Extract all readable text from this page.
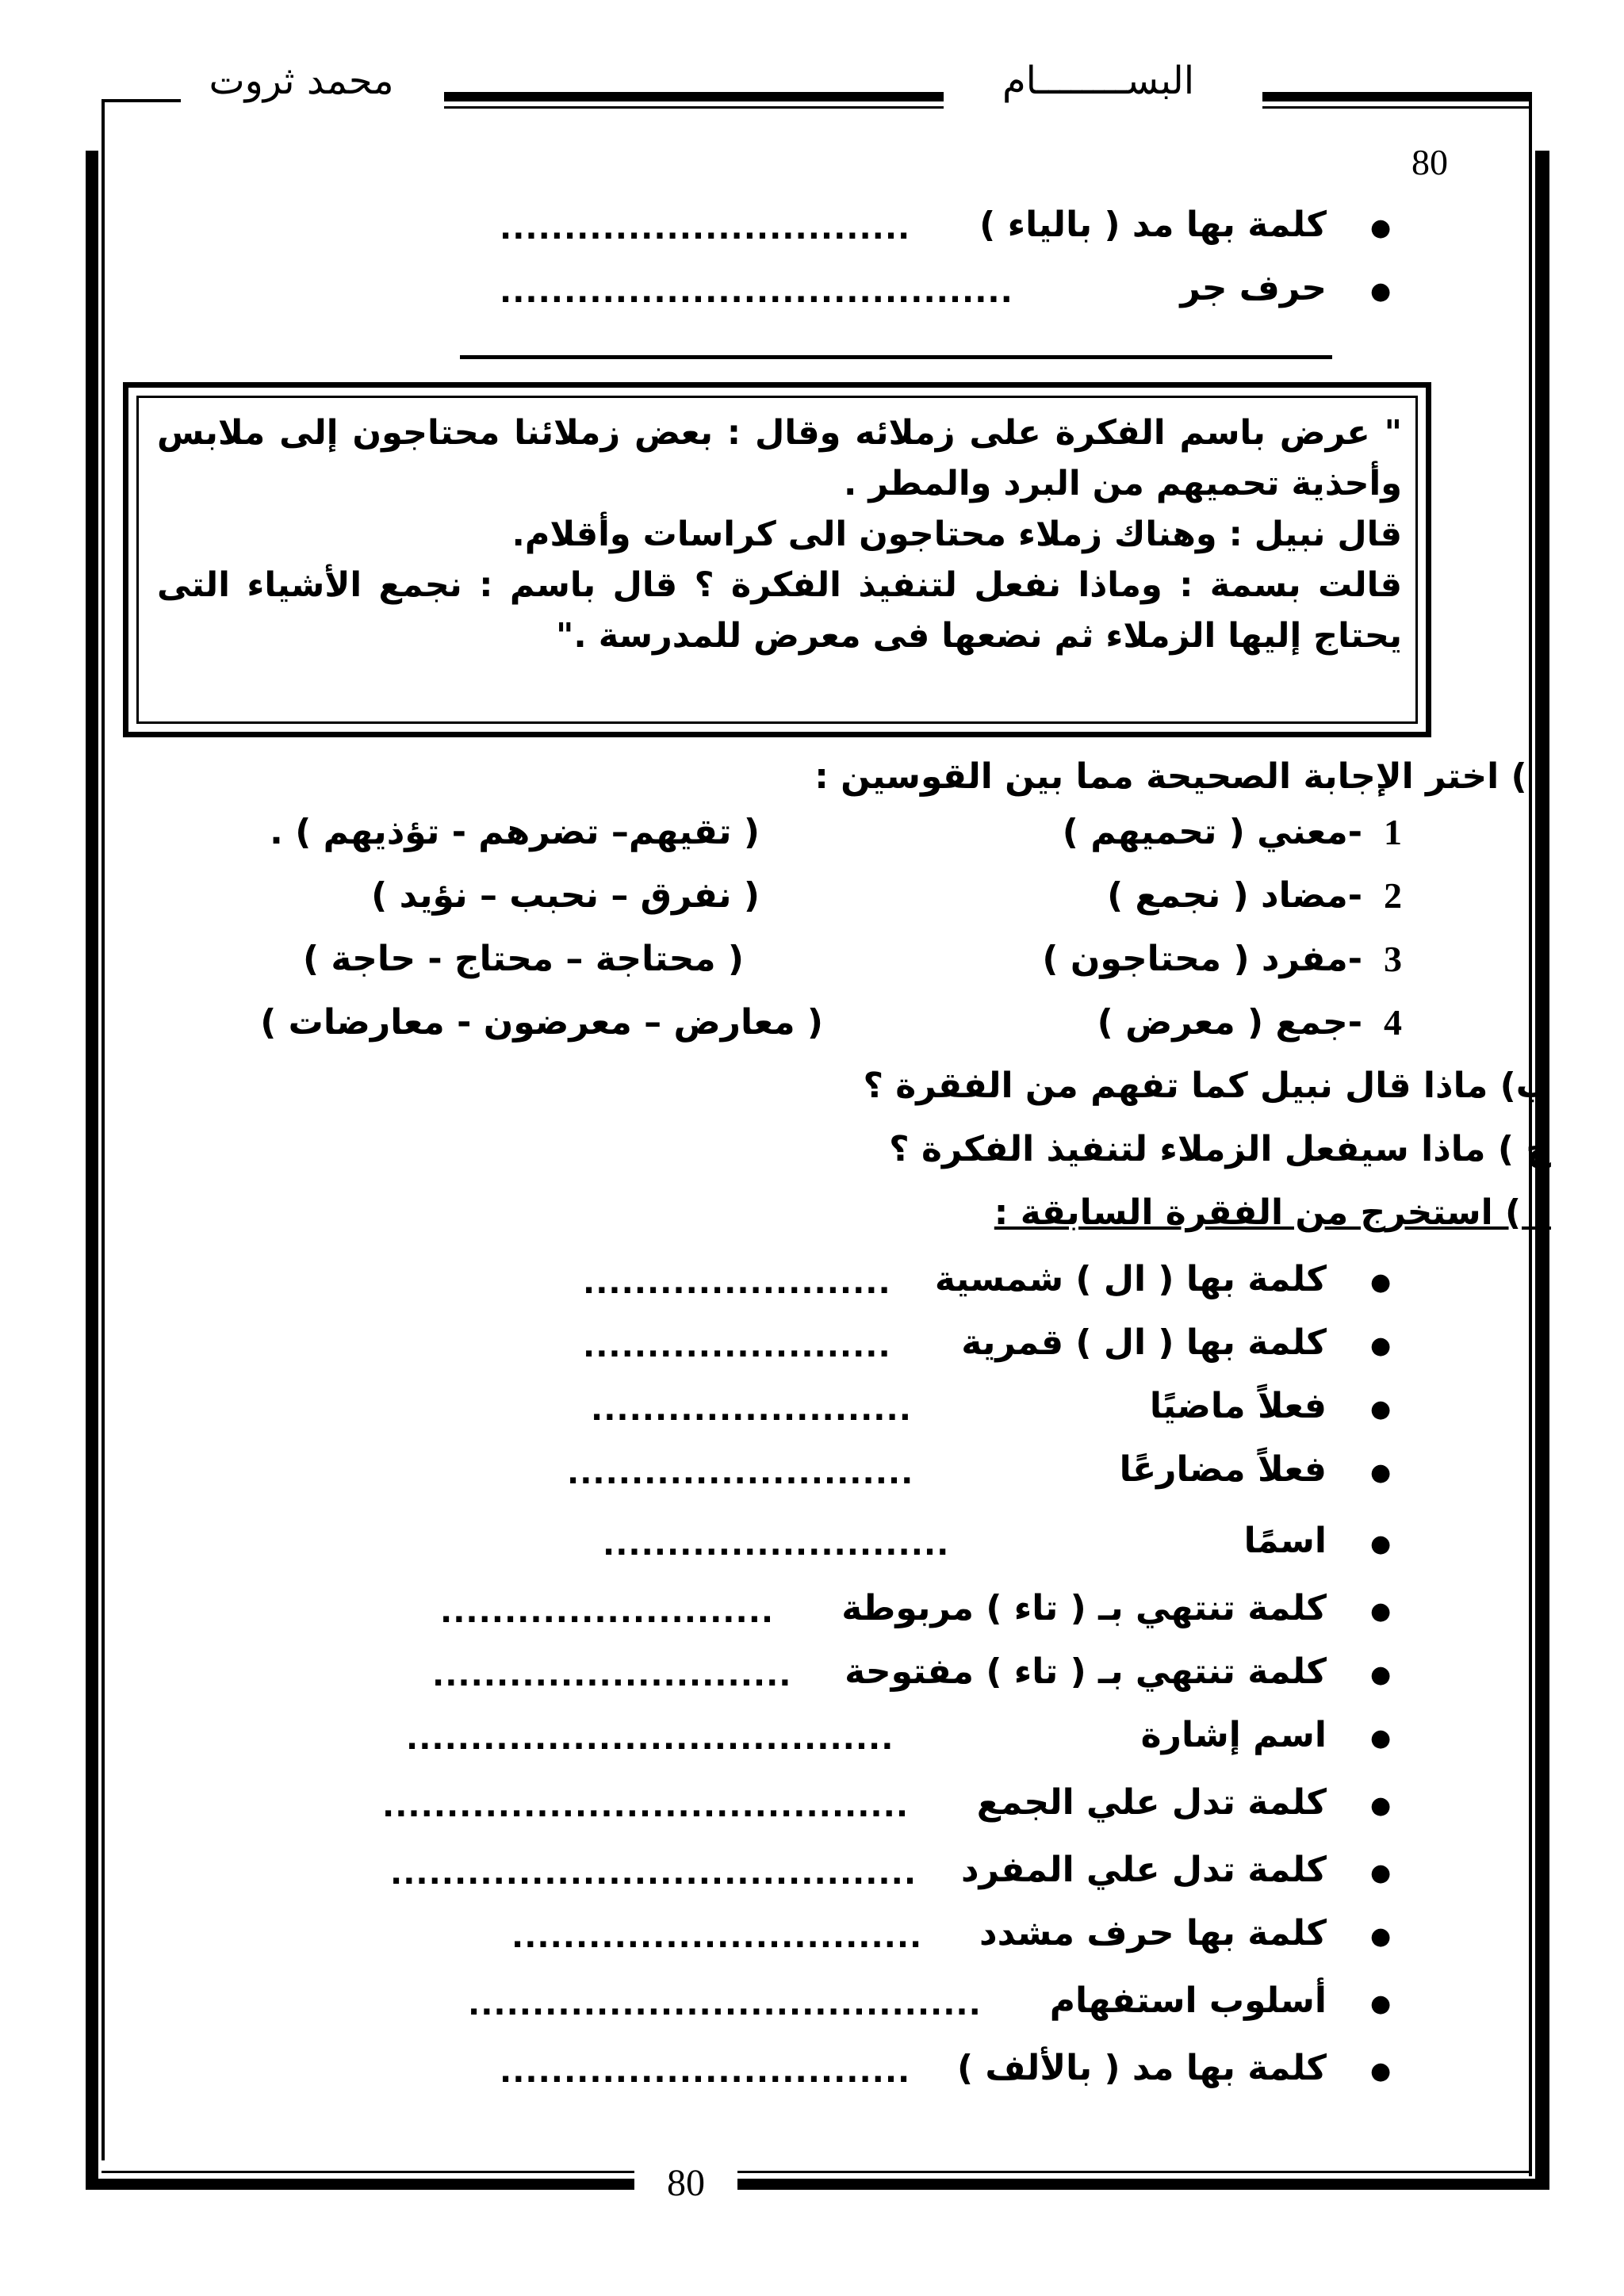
البســــــــام
محمد ثروت
80
●
كلمة بها مد ( بالياء )
................................
●
حرف جر
........................................

" عرض باسم الفكرة على زملائه وقال : بعض زملائنا محتاجون إلى ملابس وأحذية تحميهم من البرد والمطر .

قال نبيل : وهناك زملاء محتاجون الى كراسات وأقلام.

قالت بسمة : وماذا نفعل لتنفيذ الفكرة ؟ قال باسم : نجمع الأشياء التى يحتاج إليها الزملاء ثم نضعها فى معرض للمدرسة ."

أ ) اختر الإجابة الصحيحة مما بين القوسين :
1
-معني ( تحميهم )
( تقيهم– تضرهم - تؤذيهم ) .
2
-مضاد ( نجمع )
( نفرق – نحبب – نؤيد )
3
-مفرد ( محتاجون )
( محتاجة – محتاج - حاجة )
4
-جمع ( معرض )
( معارض – معرضون - معارضات )
ب) ماذا قال نبيل كما تفهم من الفقرة ؟
ج ) ماذا سيفعل الزملاء لتنفيذ الفكرة ؟
د ) استخرج من الفقرة السابقة :
●
كلمة بها ( ال ) شمسية
........................
●
كلمة بها ( ال ) قمرية
........................
●
فعلاً ماضيًا
.........................
●
فعلاً مضارعًا
...........................
●
اسمًا
...........................
●
كلمة تنتهي بـ ( تاء ) مربوطة
..........................
●
كلمة تنتهي بـ ( تاء ) مفتوحة
............................
●
اسم إشارة
......................................
●
كلمة تدل علي الجمع
.........................................
●
كلمة تدل علي المفرد
.........................................
●
كلمة بها حرف مشدد
................................
●
أسلوب استفهام
........................................
●
كلمة بها مد ( بالألف )
................................
80
